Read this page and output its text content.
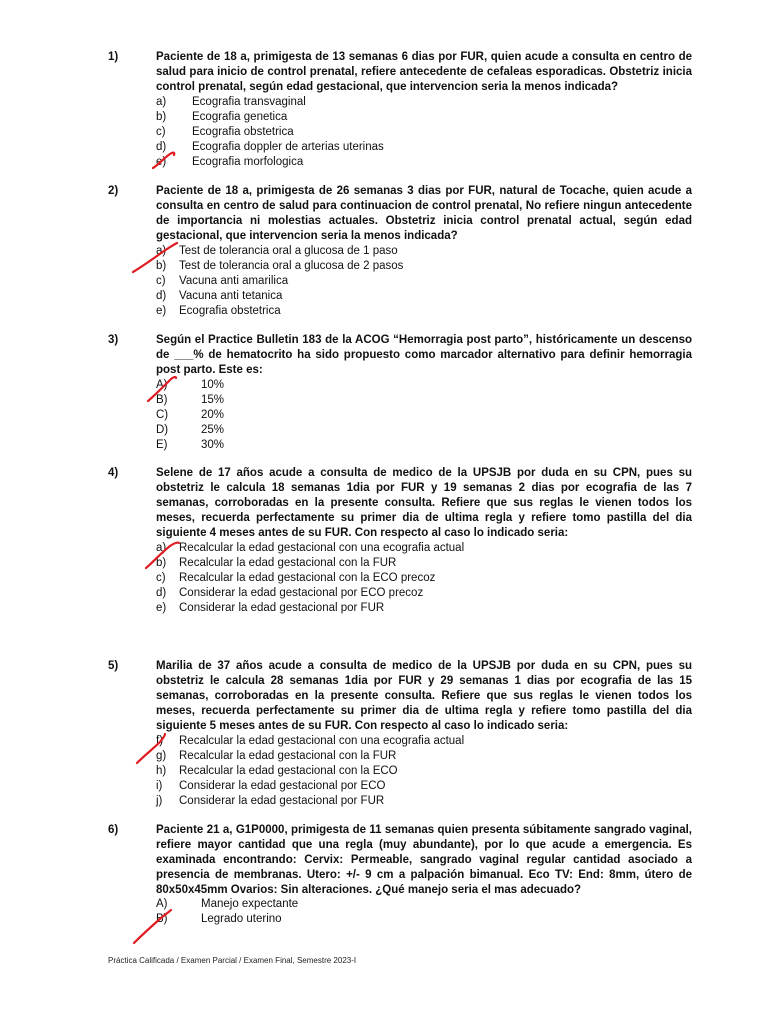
1)	Paciente de 18 a, primigesta de 13 semanas 6 dias por FUR, quien acude a consulta en centro de salud para inicio de control prenatal, refiere antecedente de cefaleas esporadicas. Obstetriz inicia control prenatal, según edad gestacional, que intervencion seria la menos indicada?
a) Ecografia transvaginal
b) Ecografia genetica
c) Ecografia obstetrica
d) Ecografia doppler de arterias uterinas
e) Ecografia morfologica
2)	Paciente de 18 a, primigesta de 26 semanas 3 dias por FUR, natural de Tocache, quien acude a consulta en centro de salud para continuacion de control prenatal, No refiere ningun antecedente de importancia ni molestias actuales. Obstetriz inicia control prenatal actual, según edad gestacional, que intervencion seria la menos indicada?
a) Test de tolerancia oral a glucosa de 1 paso
b) Test de tolerancia oral a glucosa de 2 pasos
c) Vacuna anti amarilica
d) Vacuna anti tetanica
e) Ecografia obstetrica
3)	Según el Practice Bulletin 183 de la ACOG “Hemorragia post parto”, históricamente un descenso de ___% de hematocrito ha sido propuesto como marcador alternativo para definir hemorragia post parto. Este es:
A)	10%
B)	15%
C)	20%
D)	25%
E)	30%
4)	Selene de 17 años acude a consulta de medico de la UPSJB por duda en su CPN, pues su obstetriz le calcula 18 semanas 1dia por FUR y 19 semanas 2 dias por ecografia de las 7 semanas, corroboradas en la presente consulta. Refiere que sus reglas le vienen todos los meses, recuerda perfectamente su primer dia de ultima regla y refiere tomo pastilla del dia siguiente 4 meses antes de su FUR. Con respecto al caso lo indicado seria:
a) Recalcular la edad gestacional con una ecografia actual
b) Recalcular la edad gestacional con la FUR
c) Recalcular la edad gestacional con la ECO precoz
d) Considerar la edad gestacional por ECO precoz
e) Considerar la edad gestacional por FUR
5)	Marilia de 37 años acude a consulta de medico de la UPSJB por duda en su CPN, pues su obstetriz le calcula 28 semanas 1dia por FUR y 29 semanas 1 dias por ecografia de las 15 semanas, corroboradas en la presente consulta. Refiere que sus reglas le vienen todos los meses, recuerda perfectamente su primer dia de ultima regla y refiere tomo pastilla del dia siguiente 5 meses antes de su FUR. Con respecto al caso lo indicado seria:
f) Recalcular la edad gestacional con una ecografia actual
g) Recalcular la edad gestacional con la FUR
h) Recalcular la edad gestacional con la ECO
i) Considerar la edad gestacional por ECO
j) Considerar la edad gestacional por FUR
6)	Paciente 21 a, G1P0000, primigesta de 11 semanas quien presenta súbitamente sangrado vaginal, refiere mayor cantidad que una regla (muy abundante), por lo que acude a emergencia. Es examinada encontrando: Cervix: Permeable, sangrado vaginal regular cantidad asociado a presencia de membranas. Utero: +/- 9 cm a palpación bimanual. Eco TV: End: 8mm, útero de 80x50x45mm Ovarios: Sin alteraciones. ¿Qué manejo seria el mas adecuado?
A)	Manejo expectante
B)	Legrado uterino
Práctica Calificada / Examen Parcial / Examen Final, Semestre 2023-I
